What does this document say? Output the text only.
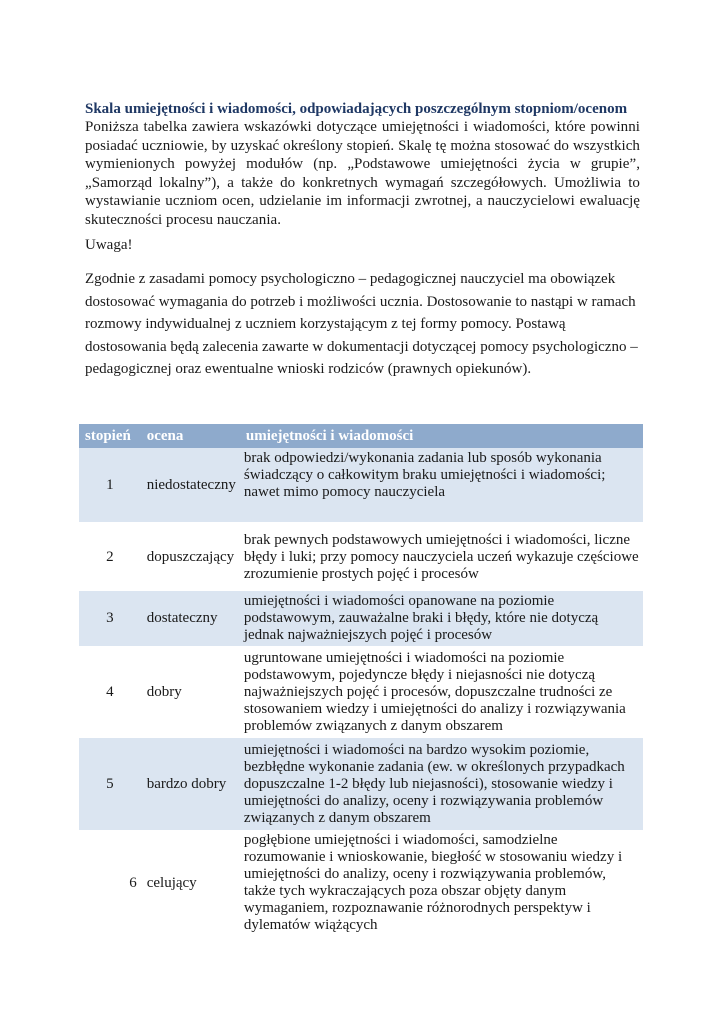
Skala umiejętności i wiadomości, odpowiadających poszczególnym stopniom/ocenom

Poniższa tabelka zawiera wskazówki dotyczące umiejętności i wiadomości, które powinni posiadać uczniowie, by uzyskać określony stopień. Skalę tę można stosować do wszystkich wymienionych powyżej modułów (np. „Podstawowe umiejętności życia w grupie”, „Samorząd lokalny”), a także do konkretnych wymagań szczegółowych. Umożliwia to wystawianie uczniom ocen, udzielanie im informacji zwrotnej, a nauczycielowi ewaluację skuteczności procesu nauczania.

Uwaga!

Zgodnie z zasadami pomocy psychologiczno – pedagogicznej nauczyciel ma obowiązek dostosować wymagania do potrzeb i możliwości ucznia. Dostosowanie to nastąpi w ramach rozmowy indywidualnej z uczniem korzystającym z tej formy pomocy. Postawą dostosowania będą zalecenia zawarte w dokumentacji dotyczącej pomocy psychologiczno – pedagogicznej oraz ewentualne wnioski rodziców (prawnych opiekunów).

stopień	ocena	umiejętności i wiadomości
1	niedostateczny	brak odpowiedzi/wykonania zadania lub sposób wykonania świadczący o całkowitym braku umiejętności i wiadomości; nawet mimo pomocy nauczyciela
2	dopuszczający	brak pewnych podstawowych umiejętności i wiadomości, liczne błędy i luki; przy pomocy nauczyciela uczeń wykazuje częściowe zrozumienie prostych pojęć i procesów
3	dostateczny	umiejętności i wiadomości opanowane na poziomie podstawowym, zauważalne braki i błędy, które nie dotyczą jednak najważniejszych pojęć i procesów
4	dobry	ugruntowane umiejętności i wiadomości na poziomie podstawowym, pojedyncze błędy i niejasności nie dotyczą najważniejszych pojęć i procesów, dopuszczalne trudności ze stosowaniem wiedzy i umiejętności do analizy i rozwiązywania problemów związanych z danym obszarem
5	bardzo dobry	umiejętności i wiadomości na bardzo wysokim poziomie, bezbłędne wykonanie zadania (ew. w określonych przypadkach dopuszczalne 1-2 błędy lub niejasności), stosowanie wiedzy i umiejętności do analizy, oceny i rozwiązywania problemów związanych z danym obszarem
6	celujący	pogłębione umiejętności i wiadomości, samodzielne rozumowanie i wnioskowanie, biegłość w stosowaniu wiedzy i umiejętności do analizy, oceny i rozwiązywania problemów, także tych wykraczających poza obszar objęty danym wymaganiem, rozpoznawanie różnorodnych perspektyw i dylematów wiążących
